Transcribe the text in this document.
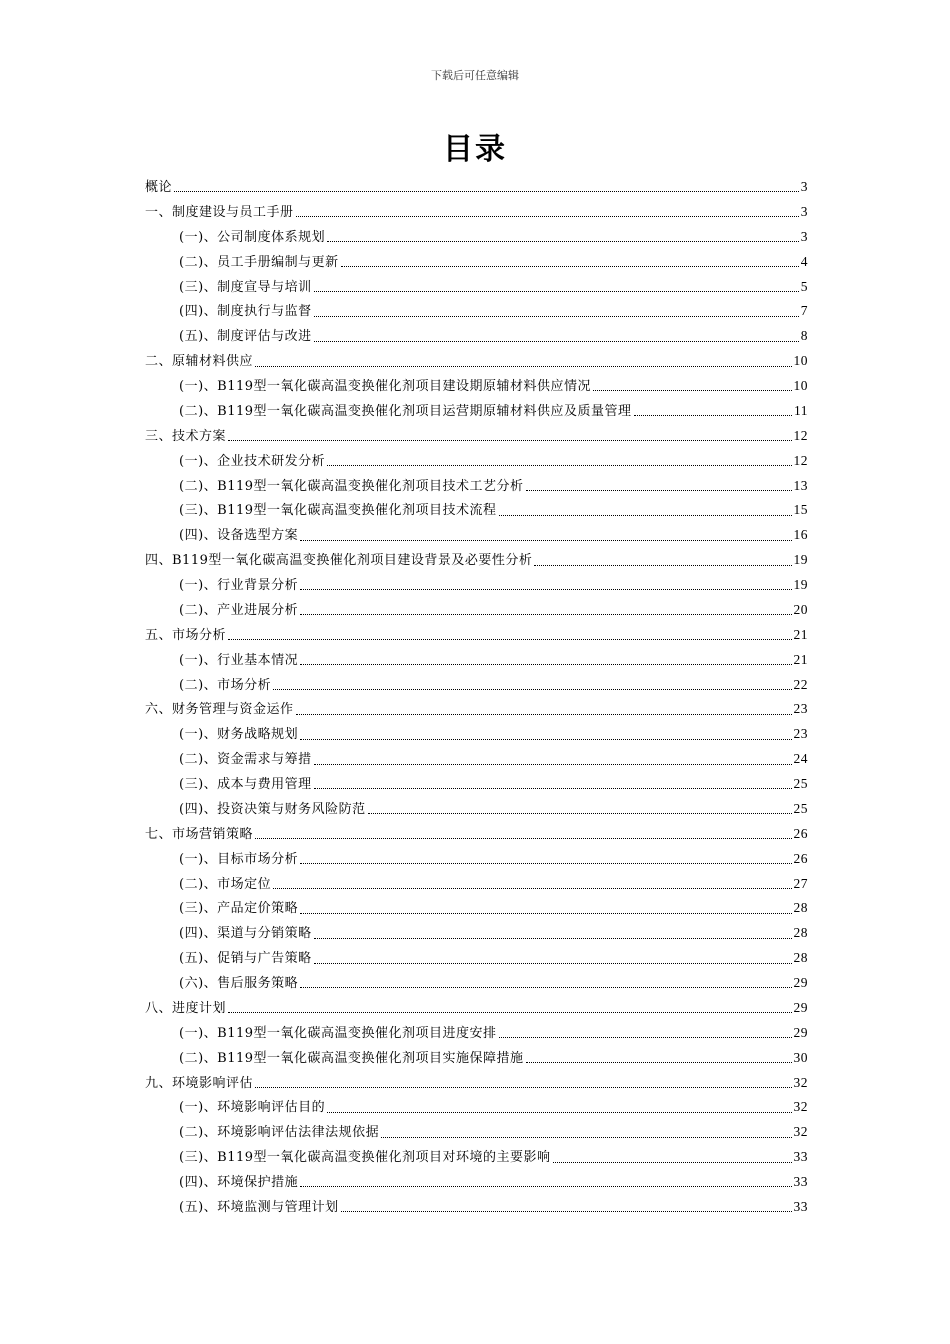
下载后可任意编辑
目录
概论	3
一、制度建设与员工手册	3
(一)、公司制度体系规划	3
(二)、员工手册编制与更新	4
(三)、制度宣导与培训	5
(四)、制度执行与监督	7
(五)、制度评估与改进	8
二、原辅材料供应	10
(一)、B119型一氧化碳高温变换催化剂项目建设期原辅材料供应情况	10
(二)、B119型一氧化碳高温变换催化剂项目运营期原辅材料供应及质量管理	11
三、技术方案	12
(一)、企业技术研发分析	12
(二)、B119型一氧化碳高温变换催化剂项目技术工艺分析	13
(三)、B119型一氧化碳高温变换催化剂项目技术流程	15
(四)、设备选型方案	16
四、B119型一氧化碳高温变换催化剂项目建设背景及必要性分析	19
(一)、行业背景分析	19
(二)、产业进展分析	20
五、市场分析	21
(一)、行业基本情况	21
(二)、市场分析	22
六、财务管理与资金运作	23
(一)、财务战略规划	23
(二)、资金需求与筹措	24
(三)、成本与费用管理	25
(四)、投资决策与财务风险防范	25
七、市场营销策略	26
(一)、目标市场分析	26
(二)、市场定位	27
(三)、产品定价策略	28
(四)、渠道与分销策略	28
(五)、促销与广告策略	28
(六)、售后服务策略	29
八、进度计划	29
(一)、B119型一氧化碳高温变换催化剂项目进度安排	29
(二)、B119型一氧化碳高温变换催化剂项目实施保障措施	30
九、环境影响评估	32
(一)、环境影响评估目的	32
(二)、环境影响评估法律法规依据	32
(三)、B119型一氧化碳高温变换催化剂项目对环境的主要影响	33
(四)、环境保护措施	33
(五)、环境监测与管理计划	33
